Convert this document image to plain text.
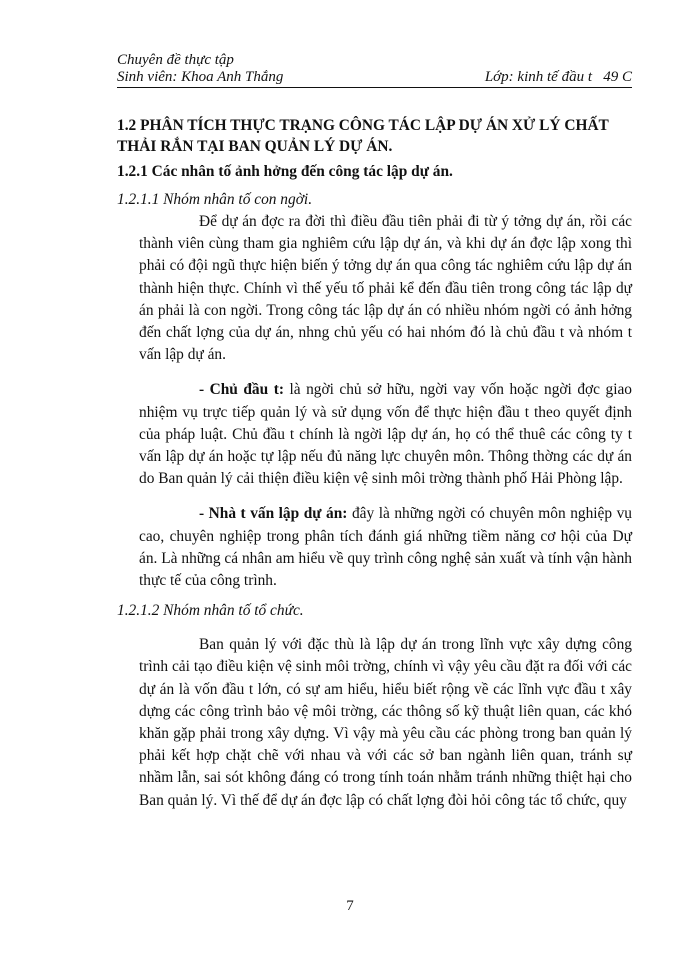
Chuyên đề thực tập
Sinh viên: Khoa Anh Thắng	Lớp: kinh tế đầu t   49 C
1.2 PHÂN TÍCH THỰC TRẠNG CÔNG TÁC LẬP DỰ ÁN XỬ LÝ CHẤT THẢI RẮN TẠI BAN QUẢN LÝ DỰ ÁN.
1.2.1 Các nhân tố ảnh hởng đến công tác lập dự án.
1.2.1.1 Nhóm nhân tố con ngời.

Để dự án đợc ra đời thì điều đầu tiên phải đi từ ý tởng dự án, rồi các thành viên cùng tham gia nghiêm cứu lập dự án, và khi dự án đợc lập xong thì phải có đội ngũ thực hiện biến ý tởng dự án qua công tác nghiêm cứu lập dự án thành hiện thực. Chính vì thế yếu tố phải kể đến đầu tiên trong công tác lập dự án phải là con ngời. Trong công tác lập dự án có nhiều nhóm ngời có ảnh hởng đến chất lợng của dự án, nhng chủ yếu có hai nhóm đó là chủ đầu t và nhóm t vấn lập dự án.

- Chủ đầu t: là ngời chủ sở hữu, ngời vay vốn hoặc ngời đợc giao nhiệm vụ trực tiếp quản lý và sử dụng vốn để thực hiện đầu t theo quyết định của pháp luật. Chủ đầu t chính là ngời lập dự án, họ có thể thuê các công ty t vấn lập dự án hoặc tự lập nếu đủ năng lực chuyên môn. Thông thờng các dự án do Ban quản lý cải thiện điều kiện vệ sinh môi trờng thành phố Hải Phòng lập.

- Nhà t vấn lập dự án: đây là những ngời có chuyên môn nghiệp vụ cao, chuyên nghiệp trong phân tích đánh giá những tiềm năng cơ hội của Dự án. Là những cá nhân am hiểu về quy trình công nghệ sản xuất và tính vận hành thực tế của công trình.

1.2.1.2 Nhóm nhân tố tổ chức.

Ban quản lý với đặc thù là lập dự án trong lĩnh vực xây dựng công trình cải tạo điều kiện vệ sinh môi trờng, chính vì vậy yêu cầu đặt ra đối với các dự án là vốn đầu t lớn, có sự am hiểu, hiểu biết rộng về các lĩnh vực đầu t xây dựng các công trình bảo vệ môi trờng, các thông số kỹ thuật liên quan, các khó khăn gặp phải trong xây dựng. Vì vậy mà yêu cầu các phòng trong ban quản lý phải kết hợp chặt chẽ với nhau và với các sở ban ngành liên quan, tránh sự nhầm lẫn, sai sót không đáng có trong tính toán nhằm tránh những thiệt hại cho Ban quản lý. Vì thế để dự án đợc lập có chất lợng đòi hỏi công tác tổ chức, quy

7
